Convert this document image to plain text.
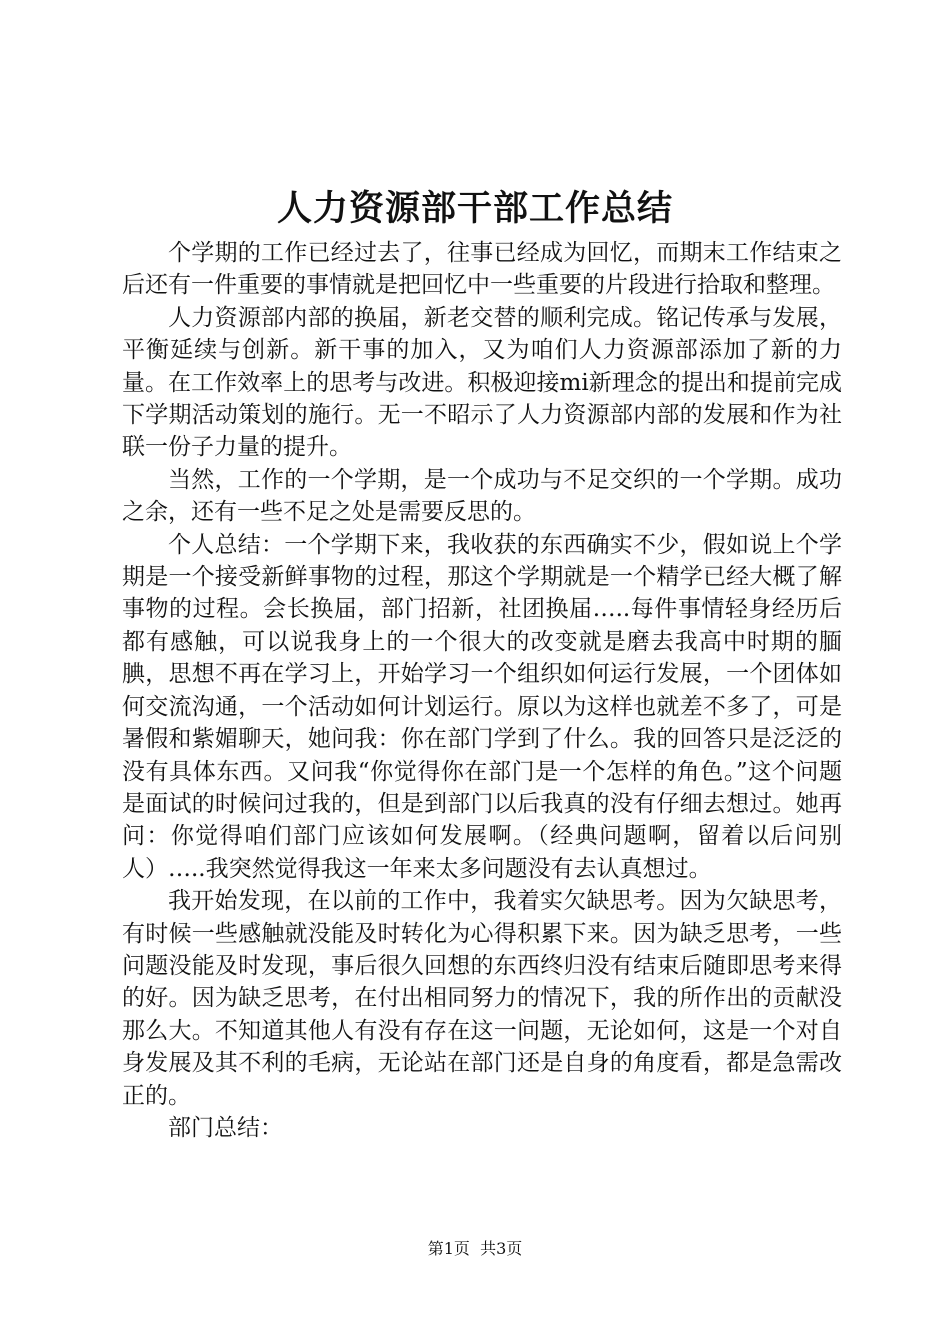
人力资源部干部工作总结

个学期的工作已经过去了，往事已经成为回忆，而期末工作结束之后还有一件重要的事情就是把回忆中一些重要的片段进行拾取和整理。

人力资源部内部的换届，新老交替的顺利完成。铭记传承与发展，平衡延续与创新。新干事的加入，又为咱们人力资源部添加了新的力量。在工作效率上的思考与改进。积极迎接mi新理念的提出和提前完成下学期活动策划的施行。无一不昭示了人力资源部内部的发展和作为社联一份子力量的提升。

当然，工作的一个学期，是一个成功与不足交织的一个学期。成功之余，还有一些不足之处是需要反思的。

个人总结：一个学期下来，我收获的东西确实不少，假如说上个学期是一个接受新鲜事物的过程，那这个学期就是一个精学已经大概了解事物的过程。会长换届，部门招新，社团换届…..每件事情轻身经历后都有感触，可以说我身上的一个很大的改变就是磨去我高中时期的腼腆，思想不再在学习上，开始学习一个组织如何运行发展，一个团体如何交流沟通，一个活动如何计划运行。原以为这样也就差不多了，可是暑假和紫媚聊天，她问我：你在部门学到了什么。我的回答只是泛泛的没有具体东西。又问我“你觉得你在部门是一个怎样的角色。”这个问题是面试的时候问过我的，但是到部门以后我真的没有仔细去想过。她再问：你觉得咱们部门应该如何发展啊。（经典问题啊，留着以后问别人）…..我突然觉得我这一年来太多问题没有去认真想过。

我开始发现，在以前的工作中，我着实欠缺思考。因为欠缺思考，有时候一些感触就没能及时转化为心得积累下来。因为缺乏思考，一些问题没能及时发现，事后很久回想的东西终归没有结束后随即思考来得的好。因为缺乏思考，在付出相同努力的情况下，我的所作出的贡献没那么大。不知道其他人有没有存在这一问题，无论如何，这是一个对自身发展及其不利的毛病，无论站在部门还是自身的角度看，都是急需改正的。

部门总结：

第1页 共3页
